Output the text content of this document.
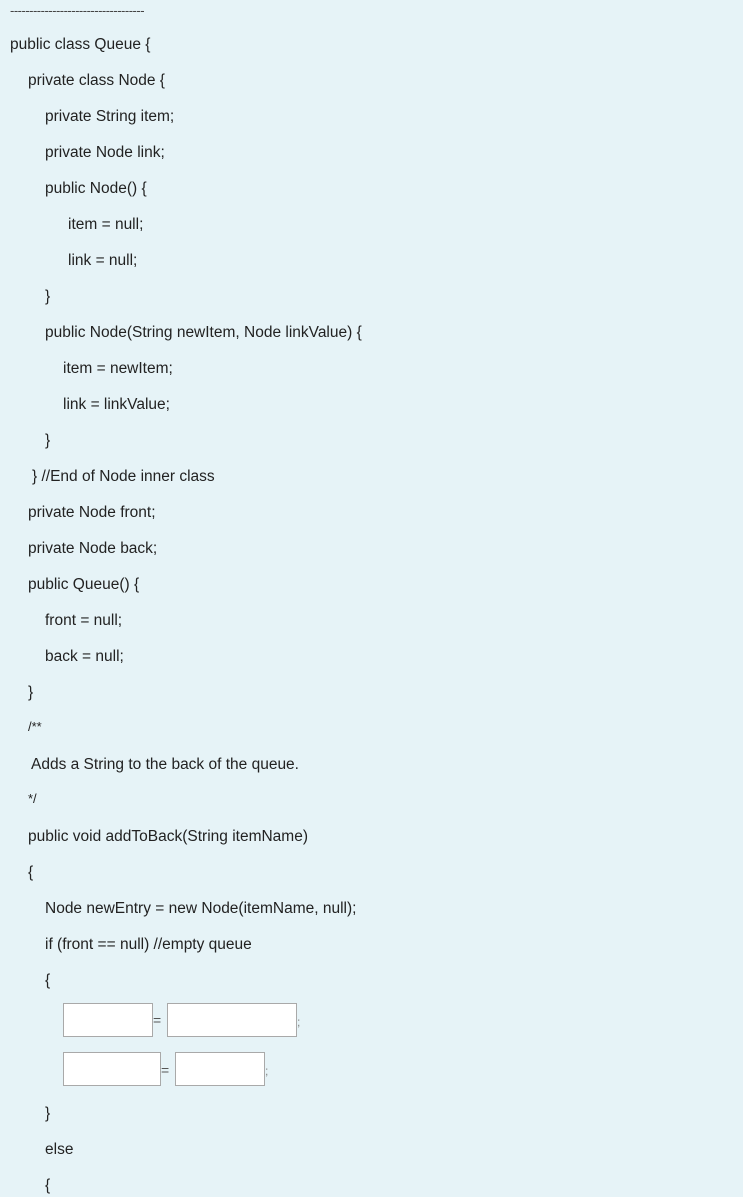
-----------------------------------
public class Queue {
private class Node {
private String item;
private Node link;
public Node() {
item = null;
link = null;
}
public Node(String newItem, Node linkValue) {
item = newItem;
link = linkValue;
}
} //End of Node inner class
private Node front;
private Node back;
public Queue() {
front = null;
back = null;
}
/**
Adds a String to the back of the queue.
*/
public void addToBack(String itemName)
{
Node newEntry = new Node(itemName, null);
if (front == null) //empty queue
{
=	;
=	;
}
else
{
